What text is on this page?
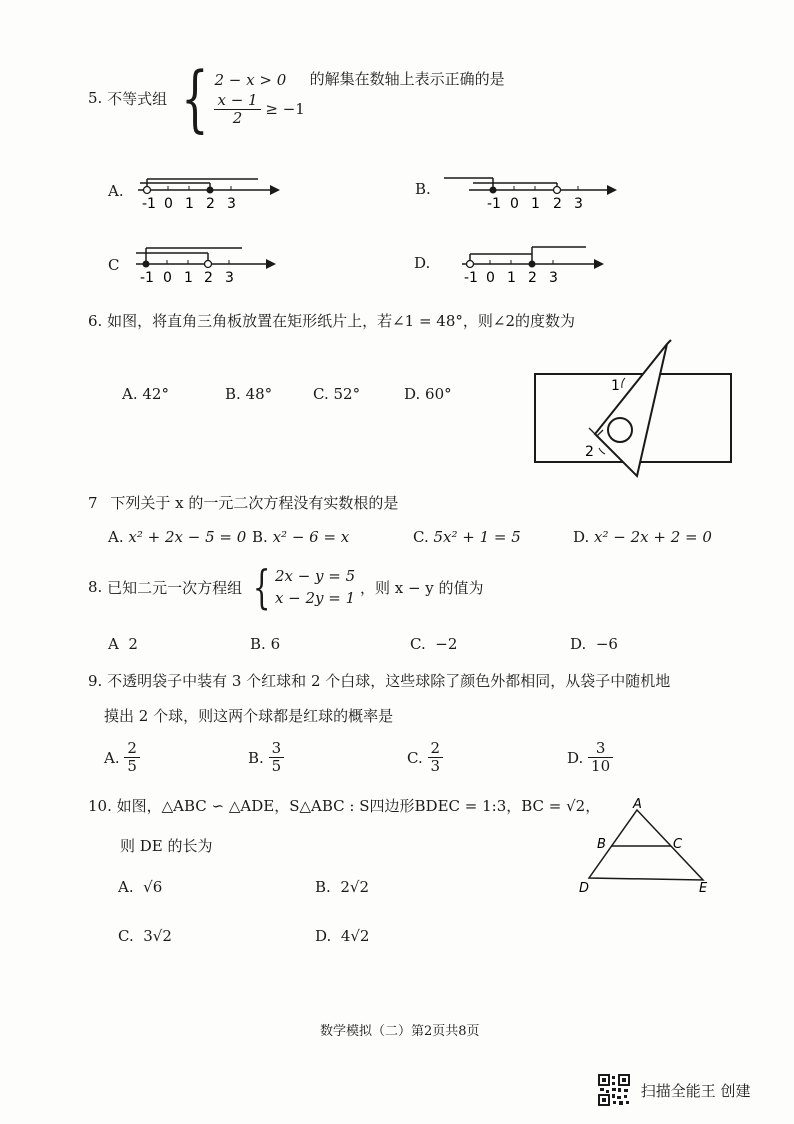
5. 不等式组 { 2 − x > 0
$\frac{x - 1}{2} \ge -1$
的解集在数轴上表示正确的是
A.
-1 0 1 2 3
B.
-1 0 1 2 3
C
-1 0 1 2 3
D.
-1 0 1 2 3
6. 如图，将直角三角板放置在矩形纸片上，若∠1 = 48°，则∠2的度数为
A. 42°	B. 48°	C. 52°	D. 60°	1
2
7 下列关于 x 的一元二次方程没有实数根的是
A. x² + 2x − 5 = 0 B. x² − 6 = x	C. 5x² + 1 = 5	D. x² − 2x + 2 = 0
8. 已知二元一次方程组 { 2x − y = 5
x − 2y = 1
，则 x − y 的值为
A 2	B. 6	C. −2	D. −6
9. 不透明袋子中装有 3 个红球和 2 个白球，这些球除了颜色外都相同，从袋子中随机地
摸出 2 个球，则这两个球都是红球的概率是
A. $\frac{2}{5}$	B. $\frac{3}{5}$	C. $\frac{2}{3}$	D. $\frac{3}{10}$
10. 如图，△ABC ∽ △ADE，S△ABC : S四边形BDEC = 1:3，BC = √2，
则 DE 的长为
A. √6	B. 2√2
C. 3√2	D. 4√2
A
B	C
D	E
数学模拟（二）第2页共8页
扫描全能王 创建
